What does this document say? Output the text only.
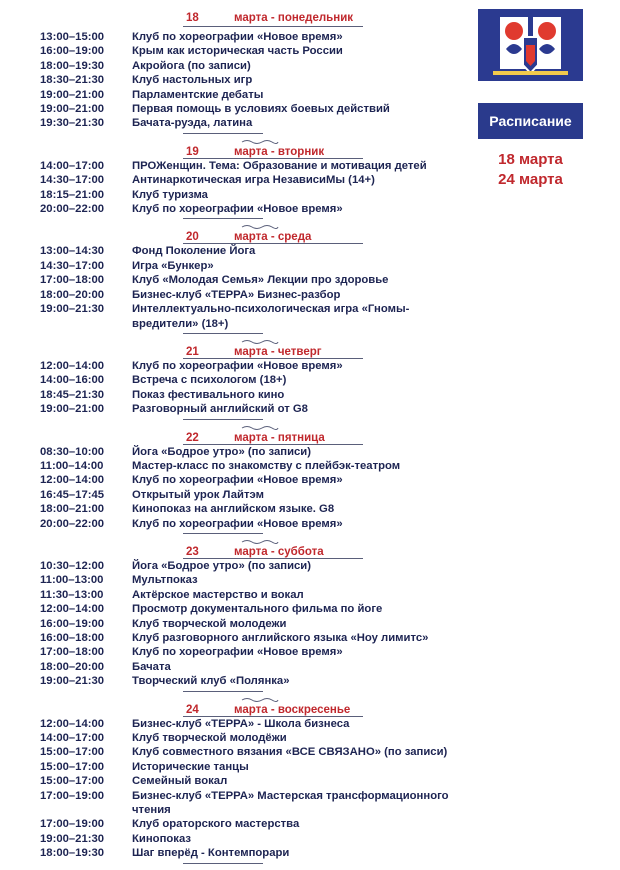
18	марта - понедельник
13:00–15:00	Клуб по хореографии «Новое время»
16:00–19:00	Крым как историческая часть России
18:00–19:30	Акройога (по записи)
18:30–21:30	Клуб настольных игр
19:00–21:00	Парламентские дебаты
19:00–21:00	Первая помощь в условиях боевых действий
19:30–21:30	Бачата-руэда, латина
19	марта - вторник
14:00–17:00	ПРОЖенщин. Тема: Образование и мотивация детей
14:30–17:00	Антинаркотическая игра НезависиМы (14+)
18:15–21:00	Клуб туризма
20:00–22:00	Клуб по хореографии «Новое время»
20	марта - среда
13:00–14:30	Фонд Поколение Йога
14:30–17:00	Игра «Бункер»
17:00–18:00	Клуб «Молодая Семья» Лекции про здоровье
18:00–20:00	Бизнес-клуб «ТЕРРА» Бизнес-разбор
19:00–21:30	Интеллектуально-психологическая игра «Гномы-вредители» (18+)
21	марта - четверг
12:00–14:00	Клуб по хореографии «Новое время»
14:00–16:00	Встреча с психологом (18+)
18:45–21:30	Показ фестивального кино
19:00–21:00	Разговорный английский от G8
22	марта - пятница
08:30–10:00	Йога «Бодрое утро» (по записи)
11:00–14:00	Мастер-класс по знакомству с плейбэк-театром
12:00–14:00	Клуб по хореографии «Новое время»
16:45–17:45	Открытый урок Лайтэм
18:00–21:00	Кинопоказ на английском языке. G8
20:00–22:00	Клуб по хореографии «Новое время»
23	марта - суббота
10:30–12:00	Йога «Бодрое утро» (по записи)
11:00–13:00	Мультпоказ
11:30–13:00	Актёрское мастерство и вокал
12:00–14:00	Просмотр документального фильма по йоге
16:00–19:00	Клуб творческой молодежи
16:00–18:00	Клуб разговорного английского языка «Ноу лимитс»
17:00–18:00	Клуб по хореографии «Новое время»
18:00–20:00	Бачата
19:00–21:30	Творческий клуб «Полянка»
24	марта - воскресенье
12:00–14:00	Бизнес-клуб «ТЕРРА» - Школа бизнеса
14:00–17:00	Клуб творческой молодёжи
15:00–17:00	Клуб совместного вязания «ВСЕ СВЯЗАНО» (по записи)
15:00–17:00	Исторические танцы
15:00–17:00	Семейный вокал
17:00–19:00	Бизнес-клуб «ТЕРРА» Мастерская трансформационного чтения
17:00–19:00	Клуб ораторского мастерства
19:00–21:30	Кинопоказ
18:00–19:30	Шаг вперёд - Контемпорари
Расписание
18 марта
24 марта
